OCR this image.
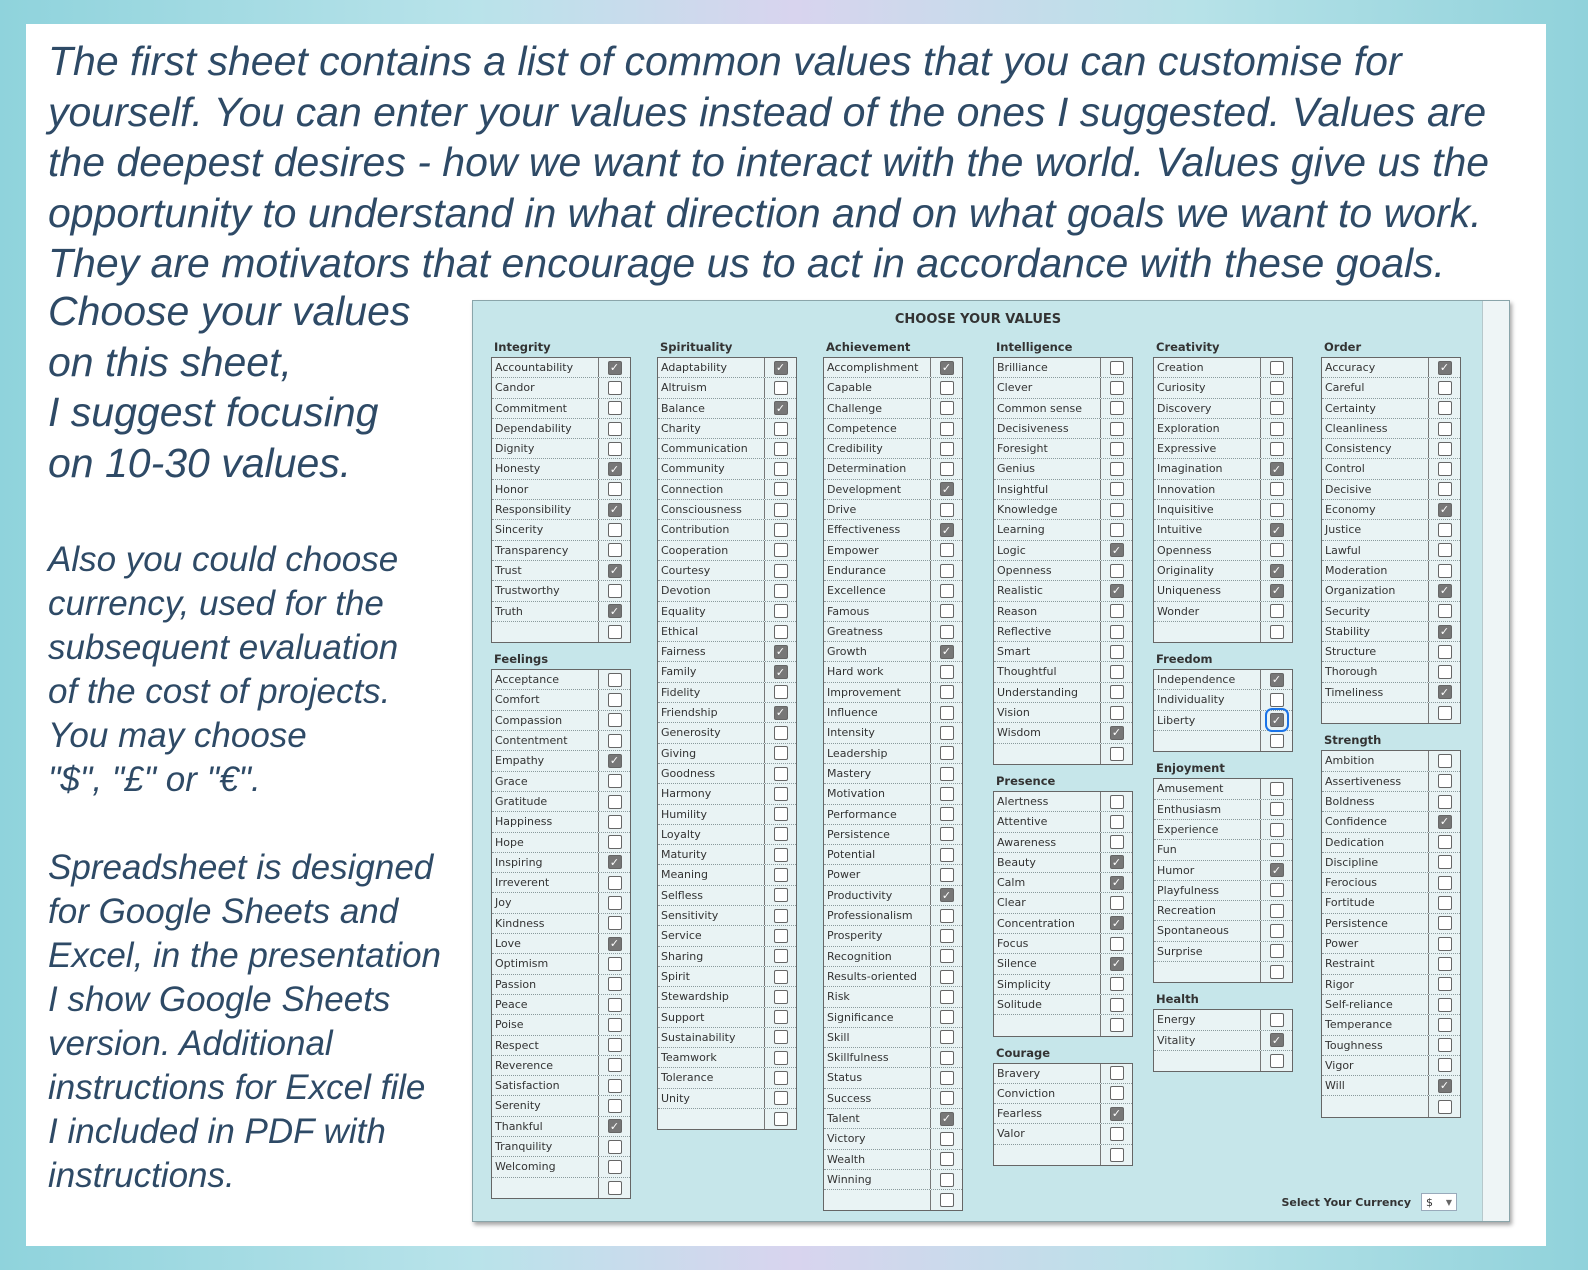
The first sheet contains a list of common values that you can customise for yourself. You can enter your values instead of the ones I suggested. Values are the deepest desires - how we want to interact with the world. Values give us the opportunity to understand in what direction and on what goals we want to work. They are motivators that encourage us to act in accordance with these goals.

Choose your values
on this sheet,
I suggest focusing
on 10-30 values.

Also you could choose
currency, used for the
subsequent evaluation
of the cost of projects.
You may choose
"$", "£" or "€".

Spreadsheet is designed
for Google Sheets and
Excel, in the presentation
I show Google Sheets
version. Additional
instructions for Excel file
I included in PDF with
instructions.

CHOOSE YOUR VALUES
Integrity
Accountability	✓
Candor
Commitment
Dependability
Dignity
Honesty	✓
Honor
Responsibility	✓
Sincerity
Transparency
Trust	✓
Trustworthy
Truth	✓
Feelings
Acceptance
Comfort
Compassion
Contentment
Empathy	✓
Grace
Gratitude
Happiness
Hope
Inspiring	✓
Irreverent
Joy
Kindness
Love	✓
Optimism
Passion
Peace
Poise
Respect
Reverence
Satisfaction
Serenity
Thankful	✓
Tranquility
Welcoming
Spirituality
Adaptability	✓
Altruism
Balance	✓
Charity
Communication
Community
Connection
Consciousness
Contribution
Cooperation
Courtesy
Devotion
Equality
Ethical
Fairness	✓
Family	✓
Fidelity
Friendship	✓
Generosity
Giving
Goodness
Harmony
Humility
Loyalty
Maturity
Meaning
Selfless
Sensitivity
Service
Sharing
Spirit
Stewardship
Support
Sustainability
Teamwork
Tolerance
Unity
Achievement
Accomplishment	✓
Capable
Challenge
Competence
Credibility
Determination
Development	✓
Drive
Effectiveness	✓
Empower
Endurance
Excellence
Famous
Greatness
Growth	✓
Hard work
Improvement
Influence
Intensity
Leadership
Mastery
Motivation
Performance
Persistence
Potential
Power
Productivity	✓
Professionalism
Prosperity
Recognition
Results-oriented
Risk
Significance
Skill
Skillfulness
Status
Success
Talent	✓
Victory
Wealth
Winning
Intelligence
Brilliance
Clever
Common sense
Decisiveness
Foresight
Genius
Insightful
Knowledge
Learning
Logic	✓
Openness
Realistic	✓
Reason
Reflective
Smart
Thoughtful
Understanding
Vision
Wisdom	✓
Presence
Alertness
Attentive
Awareness
Beauty	✓
Calm	✓
Clear
Concentration	✓
Focus
Silence	✓
Simplicity
Solitude
Courage
Bravery
Conviction
Fearless	✓
Valor
Creativity
Creation
Curiosity
Discovery
Exploration
Expressive
Imagination	✓
Innovation
Inquisitive
Intuitive	✓
Openness
Originality	✓
Uniqueness	✓
Wonder
Freedom
Independence	✓
Individuality
Liberty	✓
Enjoyment
Amusement
Enthusiasm
Experience
Fun
Humor	✓
Playfulness
Recreation
Spontaneous
Surprise
Health
Energy
Vitality	✓
Order
Accuracy	✓
Careful
Certainty
Cleanliness
Consistency
Control
Decisive
Economy	✓
Justice
Lawful
Moderation
Organization	✓
Security
Stability	✓
Structure
Thorough
Timeliness	✓
Strength
Ambition
Assertiveness
Boldness
Confidence	✓
Dedication
Discipline
Ferocious
Fortitude
Persistence
Power
Restraint
Rigor
Self-reliance
Temperance
Toughness
Vigor
Will	✓
Select Your Currency $ ▼
